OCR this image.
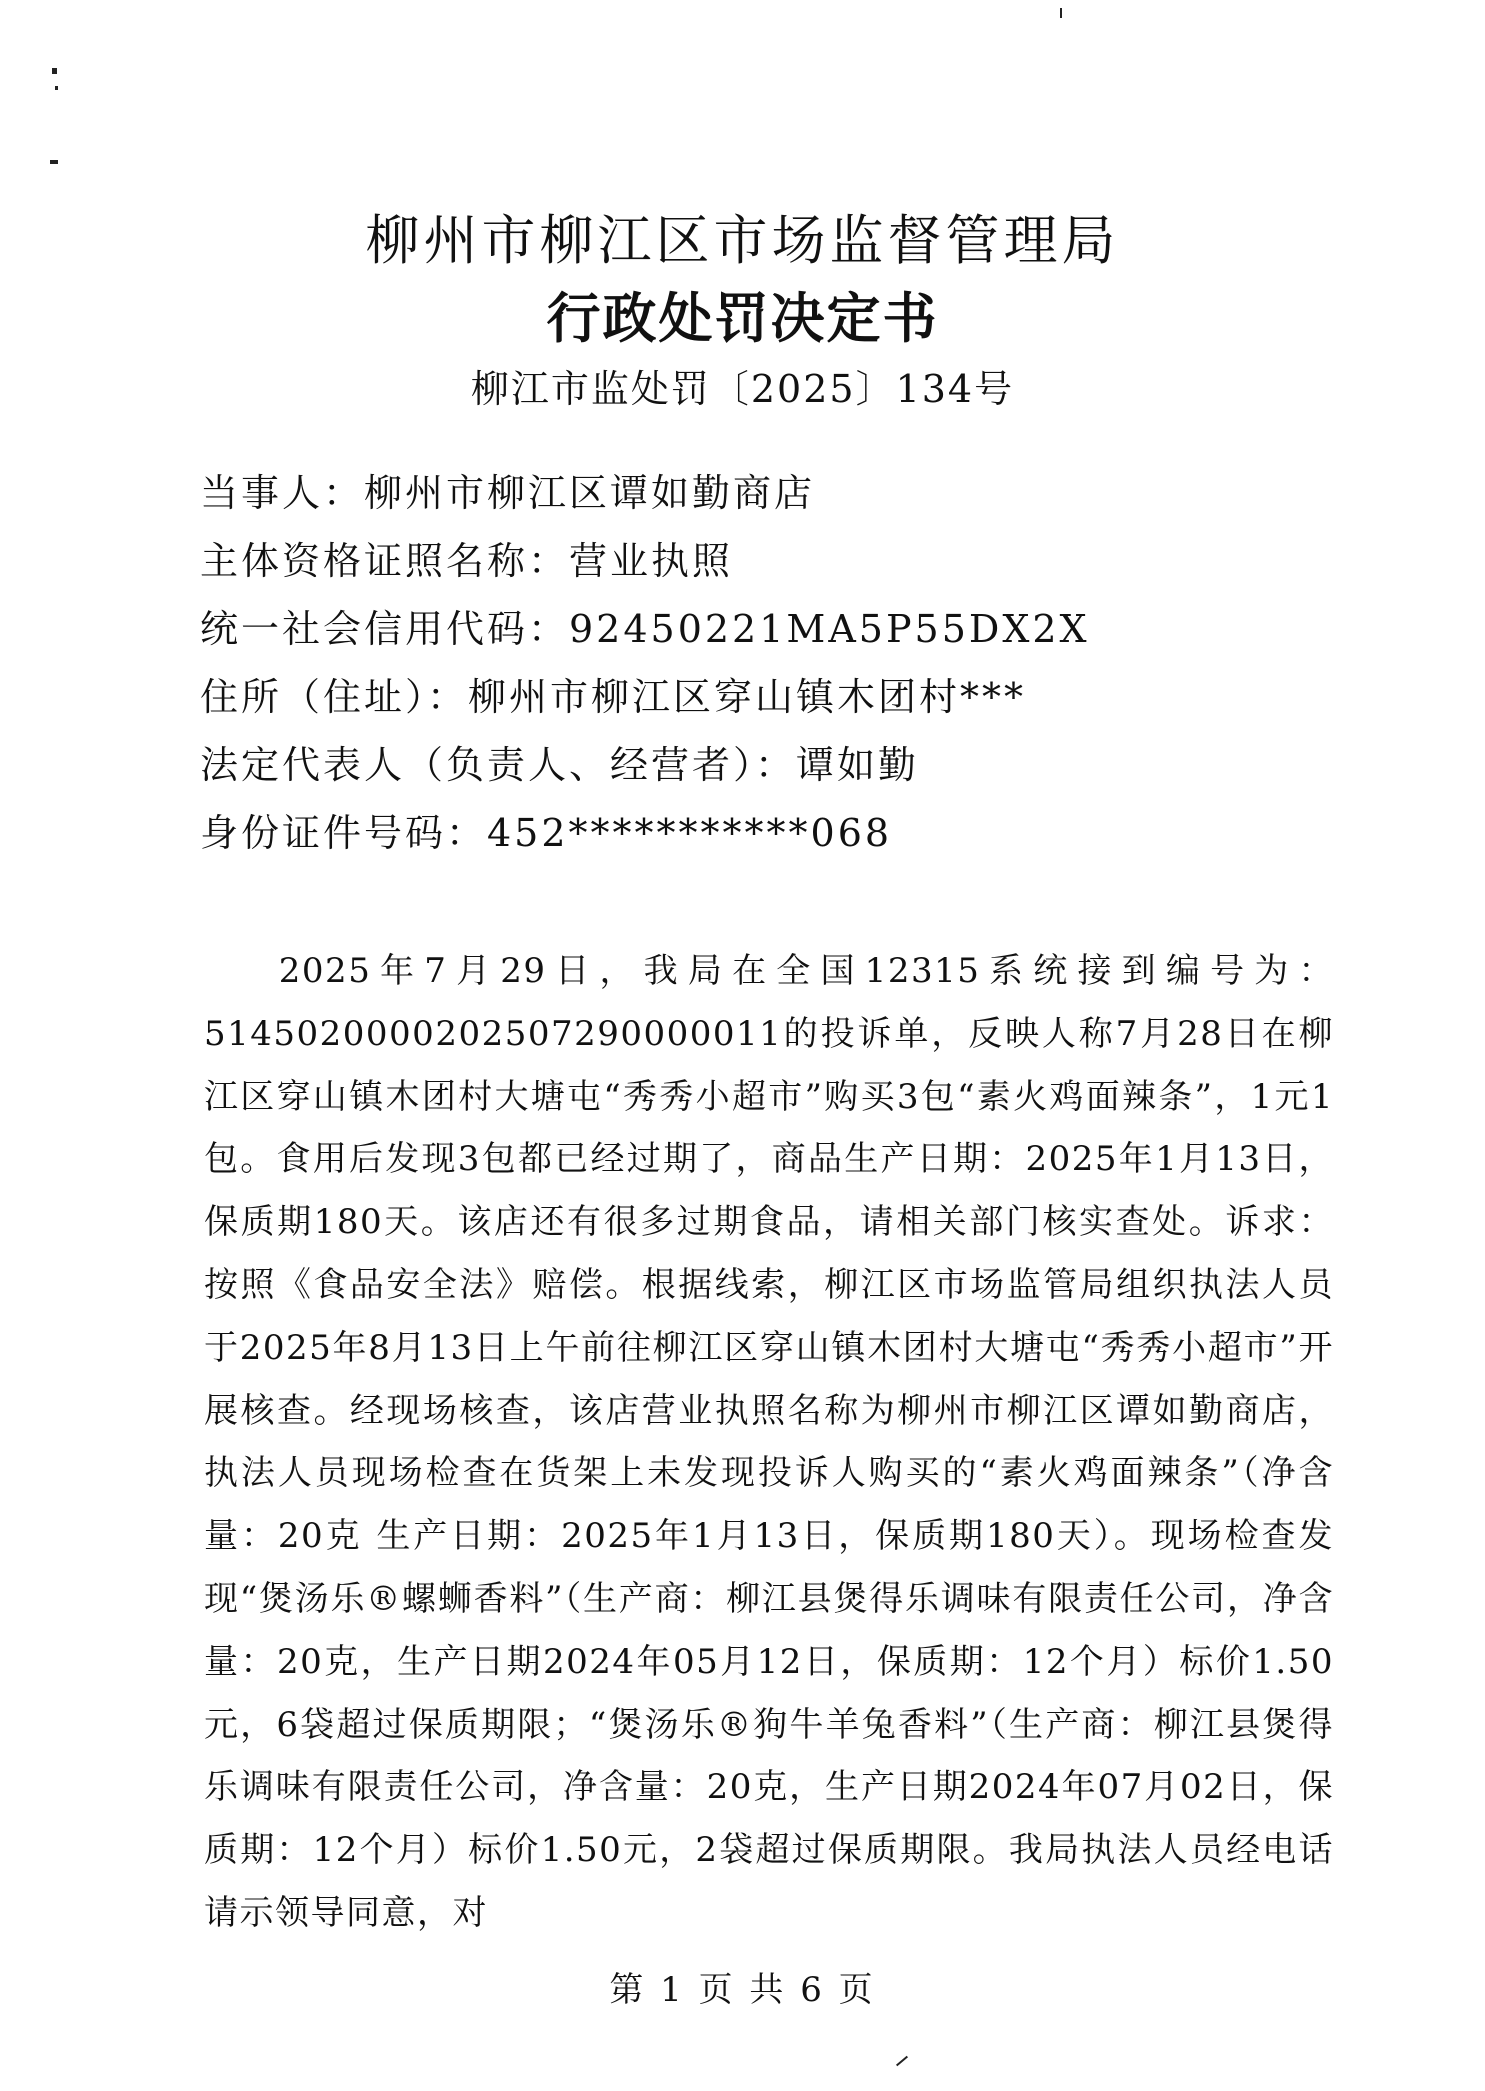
柳州市柳江区市场监督管理局
行政处罚决定书
柳江市监处罚〔2025〕134号
当事人：柳州市柳江区谭如勤商店
主体资格证照名称：营业执照
统一社会信用代码：92450221MA5P55DX2X
住所（住址）：柳州市柳江区穿山镇木团村***
法定代表人（负责人、经营者）：谭如勤
身份证件号码：452***********068
2025年7月29日，我局在全国12315系统接到编号为：5145020000202507290000011的投诉单，反映人称7月28日在柳江区穿山镇木团村大塘屯“秀秀小超市”购买3包“素火鸡面辣条”，1元1包。食用后发现3包都已经过期了，商品生产日期：2025年1月13日，保质期180天。该店还有很多过期食品，请相关部门核实查处。诉求：按照《食品安全法》赔偿。根据线索，柳江区市场监管局组织执法人员于2025年8月13日上午前往柳江区穿山镇木团村大塘屯“秀秀小超市”开展核查。经现场核查，该店营业执照名称为柳州市柳江区谭如勤商店，执法人员现场检查在货架上未发现投诉人购买的“素火鸡面辣条”（净含量：20克 生产日期：2025年1月13日，保质期180天）。现场检查发现“煲汤乐®螺蛳香料”（生产商：柳江县煲得乐调味有限责任公司，净含量：20克，生产日期2024年05月12日，保质期：12个月）标价1.50元，6袋超过保质期限；“煲汤乐®狗牛羊兔香料”（生产商：柳江县煲得乐调味有限责任公司，净含量：20克，生产日期2024年07月02日，保质期：12个月）标价1.50元，2袋超过保质期限。我局执法人员经电话请示领导同意，对
第 1 页 共 6 页
